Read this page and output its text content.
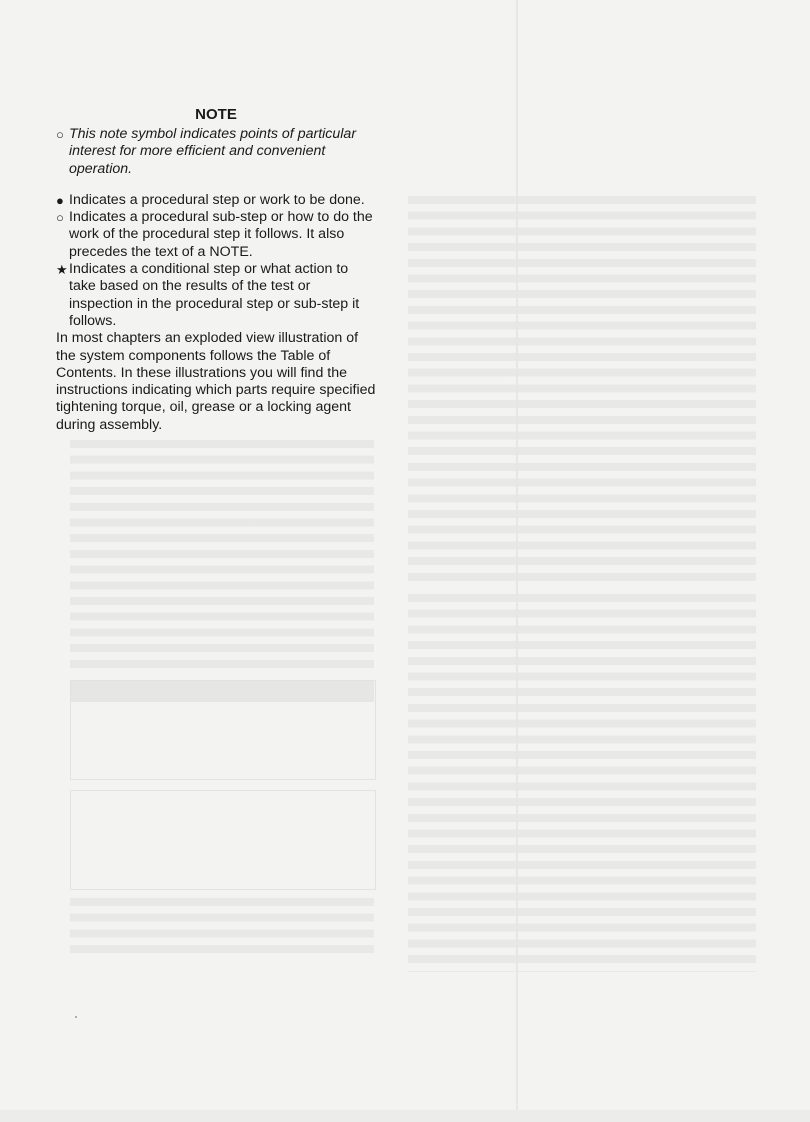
NOTE
○ This note symbol indicates points of particular interest for more efficient and convenient operation.
● Indicates a procedural step or work to be done.
○ Indicates a procedural sub-step or how to do the work of the procedural step it follows. It also precedes the text of a NOTE.
★ Indicates a conditional step or what action to take based on the results of the test or inspection in the procedural step or sub-step it follows.

In most chapters an exploded view illustration of the system components follows the Table of Contents. In these illustrations you will find the instructions indicating which parts require specified tightening torque, oil, grease or a locking agent during assembly.
